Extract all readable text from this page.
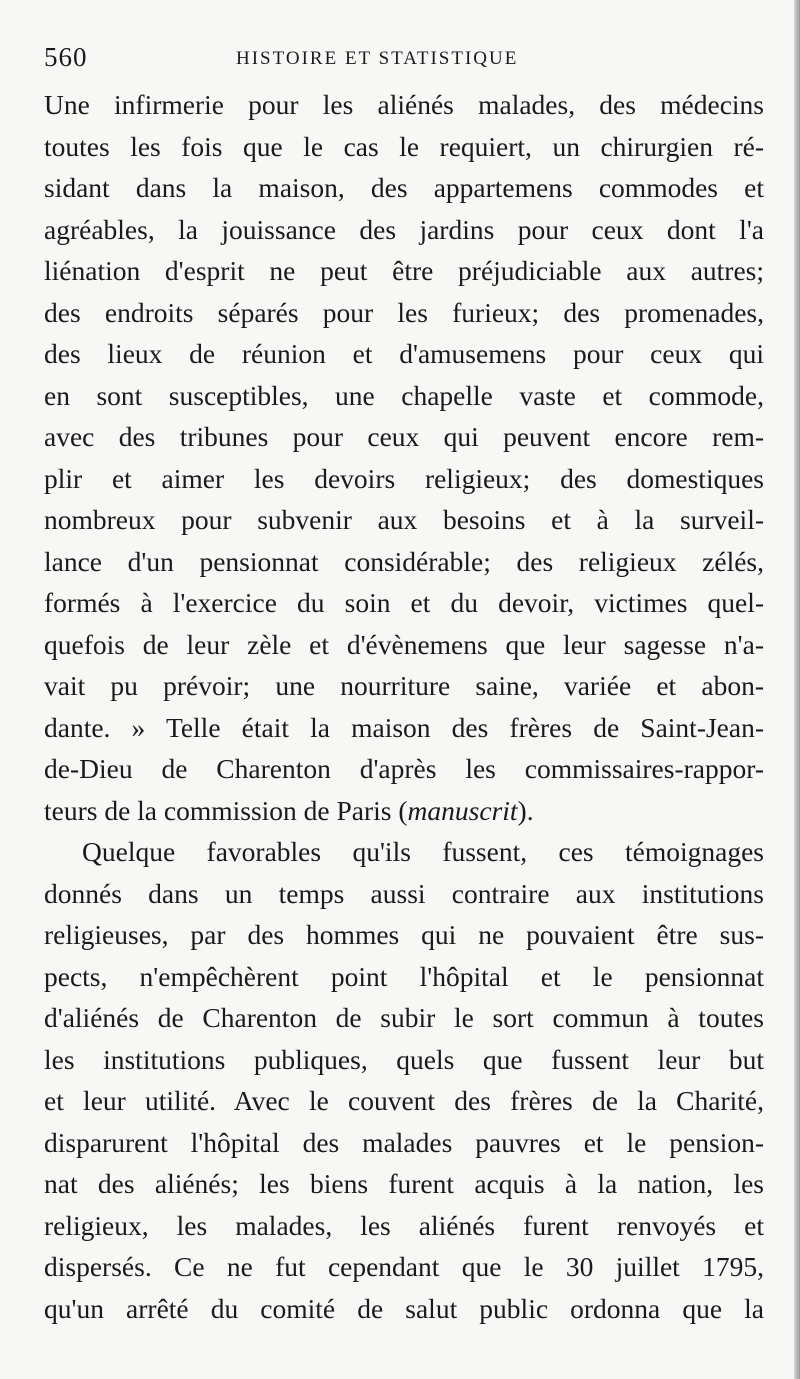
560	HISTOIRE ET STATISTIQUE
Une infirmerie pour les aliénés malades, des médecins
toutes les fois que le cas le requiert, un chirurgien ré-
sidant dans la maison, des appartemens commodes et
agréables, la jouissance des jardins pour ceux dont l'a
liénation d'esprit ne peut être préjudiciable aux autres;
des endroits séparés pour les furieux; des promenades,
des lieux de réunion et d'amusemens pour ceux qui
en sont susceptibles, une chapelle vaste et commode,
avec des tribunes pour ceux qui peuvent encore rem-
plir et aimer les devoirs religieux; des domestiques
nombreux pour subvenir aux besoins et à la surveil-
lance d'un pensionnat considérable; des religieux zélés,
formés à l'exercice du soin et du devoir, victimes quel-
quefois de leur zèle et d'évènemens que leur sagesse n'a-
vait pu prévoir; une nourriture saine, variée et abon-
dante. » Telle était la maison des frères de Saint-Jean-
de-Dieu de Charenton d'après les commissaires-rappor-
teurs de la commission de Paris (manuscrit).
Quelque favorables qu'ils fussent, ces témoignages
donnés dans un temps aussi contraire aux institutions
religieuses, par des hommes qui ne pouvaient être sus-
pects, n'empêchèrent point l'hôpital et le pensionnat
d'aliénés de Charenton de subir le sort commun à toutes
les institutions publiques, quels que fussent leur but
et leur utilité. Avec le couvent des frères de la Charité,
disparurent l'hôpital des malades pauvres et le pension-
nat des aliénés; les biens furent acquis à la nation, les
religieux, les malades, les aliénés furent renvoyés et
dispersés. Ce ne fut cependant que le 30 juillet 1795,
qu'un arrêté du comité de salut public ordonna que la
